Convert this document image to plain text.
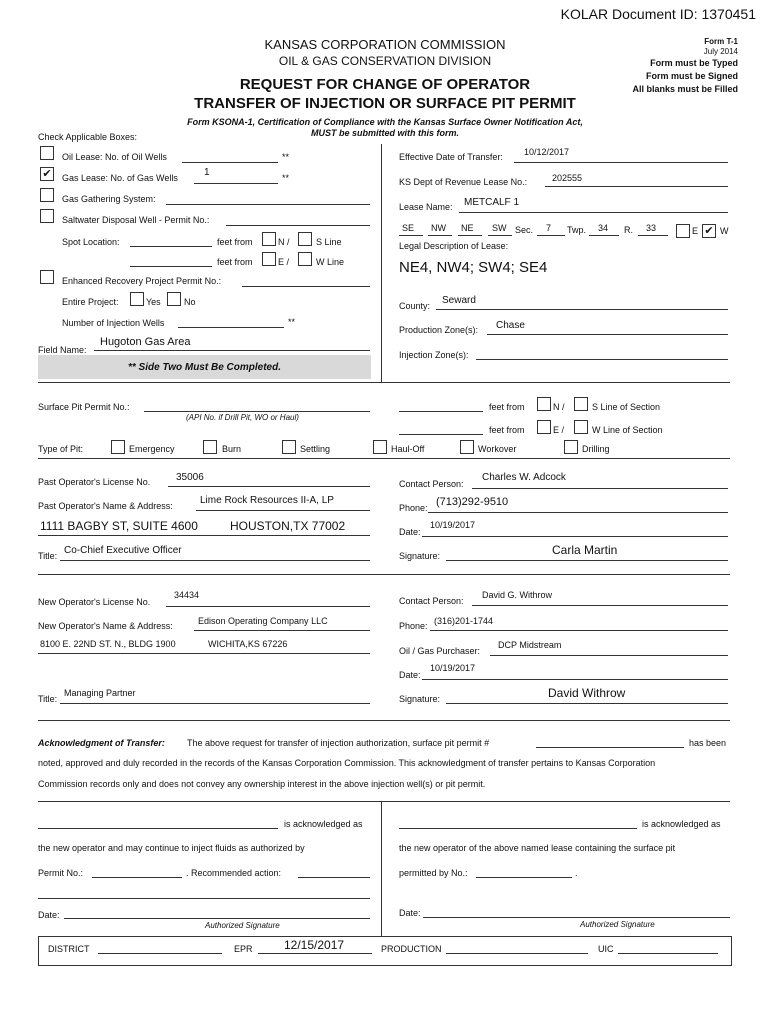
KOLAR Document ID: 1370451
KANSAS CORPORATION COMMISSION
OIL & GAS CONSERVATION DIVISION
Form T-1
July 2014
Form must be Typed
Form must be Signed
All blanks must be Filled
REQUEST FOR CHANGE OF OPERATOR
TRANSFER OF INJECTION OR SURFACE PIT PERMIT
Form KSONA-1, Certification of Compliance with the Kansas Surface Owner Notification Act,
MUST be submitted with this form.
Check Applicable Boxes:
Oil Lease: No. of Oil Wells	**
✔ Gas Lease: No. of Gas Wells	1	**
Gas Gathering System:
Saltwater Disposal Well - Permit No.:
Spot Location:	feet from	N /	S Line
feet from	E /	W Line
Enhanced Recovery Project Permit No.:
Entire Project:	Yes	No
Number of Injection Wells	**
Field Name:
Hugoton Gas Area
** Side Two Must Be Completed.
Effective Date of Transfer: 10/12/2017
KS Dept of Revenue Lease No.:	202555
Lease Name: METCALF 1
SE NW NE SW Sec. 7 Twp. 34 R. 33	E ✔ W
Legal Description of Lease:
NE4, NW4; SW4; SE4
County: Seward
Production Zone(s): Chase
Injection Zone(s):
Surface Pit Permit No.:
(API No. if Drill Pit, WO or Haul)
feet from	N /	S Line of Section
feet from	E /	W Line of Section
Type of Pit:	Emergency	Burn	Settling	Haul-Off	Workover	Drilling
Past Operator's License No.	35006
Past Operator's Name & Address:	Lime Rock Resources II-A, LP
1111 BAGBY ST, SUITE 4600	HOUSTON,TX 77002
Title: Co-Chief Executive Officer
Contact Person:
Charles W. Adcock
Phone: (713)292-9510
Date:
10/19/2017
Signature:	Carla Martin
New Operator's License No.
34434
New Operator's Name & Address:	Edison Operating Company LLC
8100 E. 22ND ST. N., BLDG 1900	WICHITA,KS 67226
Title:
Managing Partner
Contact Person:
David G. Withrow
Phone: (316)201-1744
Oil / Gas Purchaser:
DCP Midstream
Date:
10/19/2017
Signature:	David Withrow
Acknowledgment of Transfer: The above request for transfer of injection authorization, surface pit permit #	has been
noted, approved and duly recorded in the records of the Kansas Corporation Commission. This acknowledgment of transfer pertains to Kansas Corporation
Commission records only and does not convey any ownership interest in the above injection well(s) or pit permit.
is acknowledged as
the new operator and may continue to inject fluids as authorized by
Permit No.:	. Recommended action:
Date:
Authorized Signature
is acknowledged as
the new operator of the above named lease containing the surface pit
permitted by No.:	.
Date:
Authorized Signature
DISTRICT	EPR	12/15/2017	PRODUCTION	UIC
